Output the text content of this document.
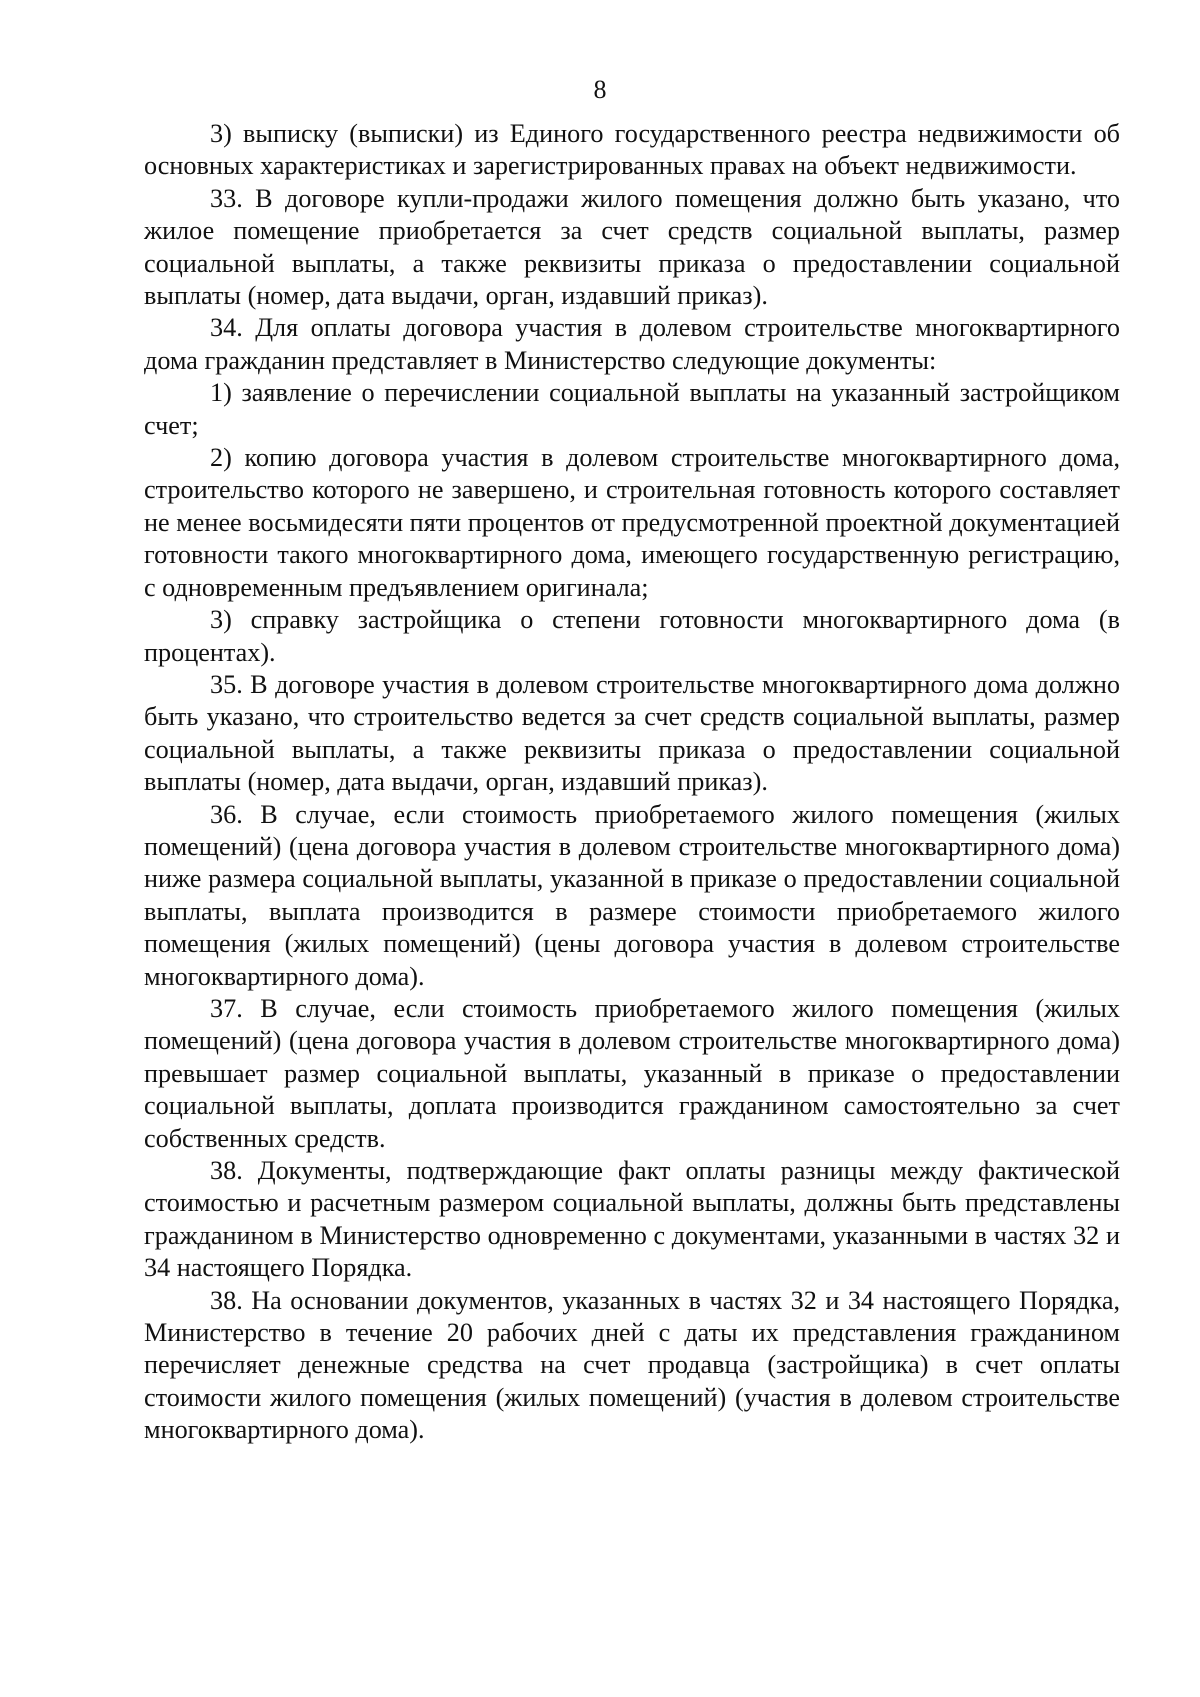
8

3) выписку (выписки) из Единого государственного реестра недвижимости об основных характеристиках и зарегистрированных правах на объект недвижимости.

33. В договоре купли-продажи жилого помещения должно быть указано, что жилое помещение приобретается за счет средств социальной выплаты, размер социальной выплаты, а также реквизиты приказа о предоставлении социальной выплаты (номер, дата выдачи, орган, издавший приказ).

34. Для оплаты договора участия в долевом строительстве многоквартирного дома гражданин представляет в Министерство следующие документы:

1) заявление о перечислении социальной выплаты на указанный застройщиком счет;

2) копию договора участия в долевом строительстве многоквартирного дома, строительство которого не завершено, и строительная готовность которого составляет не менее восьмидесяти пяти процентов от предусмотренной проектной документацией готовности такого многоквартирного дома, имеющего государственную регистрацию, с одновременным предъявлением оригинала;

3) справку застройщика о степени готовности многоквартирного дома (в процентах).

35. В договоре участия в долевом строительстве многоквартирного дома должно быть указано, что строительство ведется за счет средств социальной выплаты, размер социальной выплаты, а также реквизиты приказа о предоставлении социальной выплаты (номер, дата выдачи, орган, издавший приказ).

36. В случае, если стоимость приобретаемого жилого помещения (жилых помещений) (цена договора участия в долевом строительстве многоквартирного дома) ниже размера социальной выплаты, указанной в приказе о предоставлении социальной выплаты, выплата производится в размере стоимости приобретаемого жилого помещения (жилых помещений) (цены договора участия в долевом строительстве многоквартирного дома).

37. В случае, если стоимость приобретаемого жилого помещения (жилых помещений) (цена договора участия в долевом строительстве многоквартирного дома) превышает размер социальной выплаты, указанный в приказе о предоставлении социальной выплаты, доплата производится гражданином самостоятельно за счет собственных средств.

38. Документы, подтверждающие факт оплаты разницы между фактической стоимостью и расчетным размером социальной выплаты, должны быть представлены гражданином в Министерство одновременно с документами, указанными в частях 32 и 34 настоящего Порядка.

38. На основании документов, указанных в частях 32 и 34 настоящего Порядка, Министерство в течение 20 рабочих дней с даты их представления гражданином перечисляет денежные средства на счет продавца (застройщика) в счет оплаты стоимости жилого помещения (жилых помещений) (участия в долевом строительстве многоквартирного дома).
